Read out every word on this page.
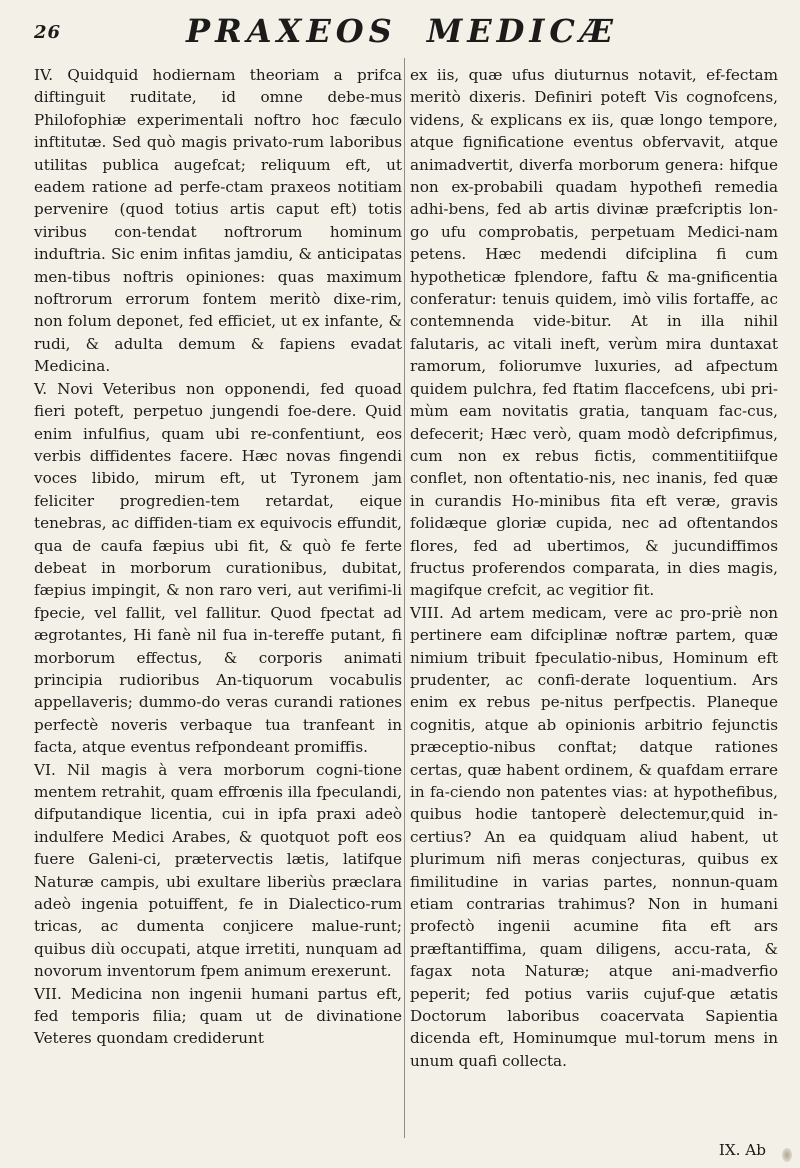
26	PRAXEOS MEDICÆ

IV. Quidquid hodiernam theoriam a prifca diftinguit ruditate, id omne debe-mus Philofophiæ experimentali noftro hoc fæculo inftitutæ. Sed quò magis privato-rum laboribus utilitas publica augefcat; reliquum eft, ut eadem ratione ad perfe-ctam praxeos notitiam pervenire (quod totius artis caput eft) totis viribus con-tendat noftrorum hominum induftria. Sic enim infitas jamdiu, & anticipatas men-tibus noftris opiniones: quas maximum noftrorum errorum fontem meritò dixe-rim, non folum deponet, fed efficiet, ut ex infante, & rudi, & adulta demum & fapiens evadat Medicina.

V. Novi Veteribus non opponendi, fed quoad fieri poteft, perpetuo jungendi foe-dere. Quid enim infulfius, quam ubi re-confentiunt, eos verbis diffidentes facere. Hæc novas fingendi voces libido, mirum eft, ut Tyronem jam feliciter progredien-tem retardat, eique tenebras, ac diffiden-tiam ex equivocis effundit, qua de caufa fæpius ubi fit, & quò fe ferte debeat in morborum curationibus, dubitat, fæpius impingit, & non raro veri, aut verifimi-li fpecie, vel fallit, vel fallitur. Quod fpectat ad ægrotantes, Hi fanè nil fua in-tereffe putant, fi morborum effectus, & corporis animati principia rudioribus An-tiquorum vocabulis appellaveris; dummo-do veras curandi rationes perfectè noveris verbaque tua tranfeant in facta, atque eventus refpondeant promiffis.

VI. Nil magis à vera morborum cogni-tione mentem retrahit, quam effrœnis illa fpeculandi, difputandique licentia, cui in ipfa praxi adeò indulfere Medici Arabes, & quotquot poft eos fuere Galeni-ci, prætervectis lætis, latifque Naturæ campis, ubi exultare liberiùs præclara adeò ingenia potuiffent, fe in Dialectico-rum tricas, ac dumenta conjicere malue-runt; quibus diù occupati, atque irretiti, nunquam ad novorum inventorum fpem animum erexerunt.

VII. Medicina non ingenii humani partus eft, fed temporis filia; quam ut de divinatione Veteres quondam crediderunt

ex iis, quæ ufus diuturnus notavit, ef-fectam meritò dixeris. Definiri poteft Vis cognofcens, videns, & explicans ex iis, quæ longo tempore, atque fignificatione eventus obfervavit, atque animadvertit, diverfa morborum genera: hifque non ex-probabili quadam hypothefi remedia adhi-bens, fed ab artis divinæ præfcriptis lon-go ufu comprobatis, perpetuam Medici-nam petens. Hæc medendi difciplina fi cum hypotheticæ fplendore, faftu & ma-gnificentia conferatur: tenuis quidem, imò vilis fortaffe, ac contemnenda vide-bitur. At in illa nihil falutaris, ac vitali ineft, verùm mira duntaxat ramorum, foliorumve luxuries, ad afpectum quidem pulchra, fed ftatim flaccefcens, ubi pri-mùm eam novitatis gratia, tanquam fac-cus, defecerit; Hæc verò, quam modò defcripfimus, cum non ex rebus fictis, commentitiifque conflet, non oftentatio-nis, nec inanis, fed quæ in curandis Ho-minibus fita eft veræ, gravis folidæque gloriæ cupida, nec ad oftentandos flores, fed ad ubertimos, & jucundiffimos fructus proferendos comparata, in dies magis, magifque crefcit, ac vegitior fit.

VIII. Ad artem medicam, vere ac pro-priè non pertinere eam difciplinæ noftræ partem, quæ nimium tribuit fpeculatio-nibus, Hominum eft prudenter, ac confi-derate loquentium. Ars enim ex rebus pe-nitus perfpectis. Planeque cognitis, atque ab opinionis arbitrio fejunctis præceptio-nibus conftat; datque rationes certas, quæ habent ordinem, & quafdam errare in fa-ciendo non patentes vias: at hypothefibus, quibus hodie tantoperè delectemur,quid in-certius? An ea quidquam aliud habent, ut plurimum nifi meras conjecturas, quibus ex fimilitudine in varias partes, nonnun-quam etiam contrarias trahimus? Non in humani profectò ingenii acumine fita eft ars præftantiffima, quam diligens, accu-rata, & fagax nota Naturæ; atque ani-madverfio peperit; fed potius variis cujuf-que ætatis Doctorum laboribus coacervata Sapientia dicenda eft, Hominumque mul-torum mens in unum quafi collecta.

IX. Ab
